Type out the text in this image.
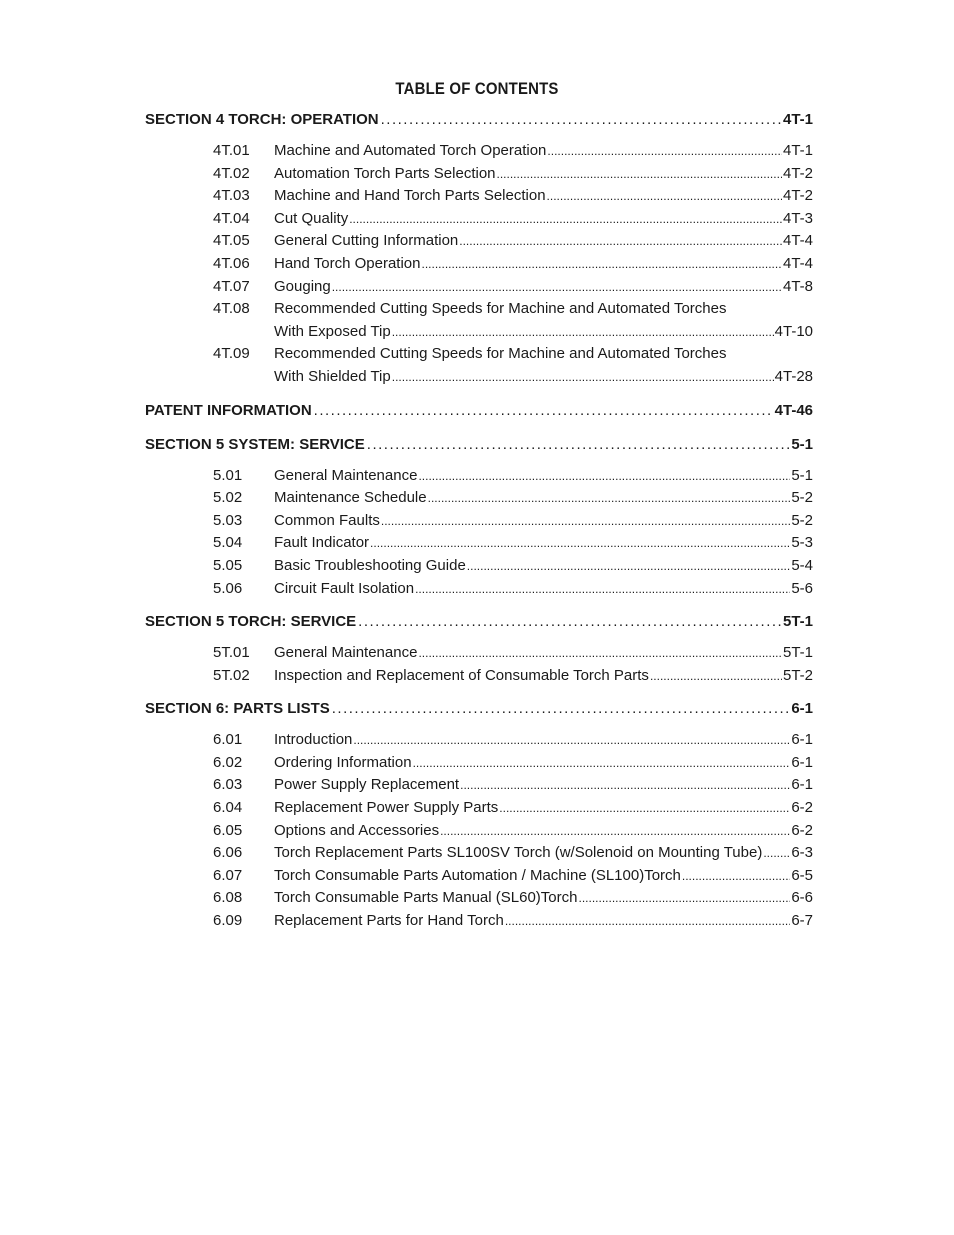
TABLE OF CONTENTS
SECTION 4 TORCH: OPERATION .....	4T-1
4T.01	Machine and Automated Torch Operation .....	4T-1
4T.02	Automation Torch Parts Selection .....	4T-2
4T.03	Machine and Hand Torch Parts Selection .....	4T-2
4T.04	Cut Quality .....	4T-3
4T.05	General Cutting Information .....	4T-4
4T.06	Hand Torch Operation .....	4T-4
4T.07	Gouging .....	4T-8
4T.08	Recommended Cutting Speeds for Machine and Automated Torches
With Exposed Tip .....	4T-10
4T.09	Recommended Cutting Speeds for Machine and Automated Torches
With Shielded Tip .....	4T-28
PATENT INFORMATION .....	4T-46
SECTION 5 SYSTEM: SERVICE .....	5-1
5.01	General Maintenance .....	5-1
5.02	Maintenance Schedule .....	5-2
5.03	Common Faults .....	5-2
5.04	Fault Indicator .....	5-3
5.05	Basic Troubleshooting Guide .....	5-4
5.06	Circuit Fault Isolation .....	5-6
SECTION 5 TORCH: SERVICE .....	5T-1
5T.01	General Maintenance .....	5T-1
5T.02	Inspection and Replacement of Consumable Torch Parts .....	5T-2
SECTION 6: PARTS LISTS .....	6-1
6.01	Introduction .....	6-1
6.02	Ordering Information .....	6-1
6.03	Power Supply Replacement .....	6-1
6.04	Replacement Power Supply Parts .....	6-2
6.05	Options and Accessories .....	6-2
6.06	Torch Replacement Parts SL100SV Torch (w/Solenoid on Mounting Tube) ..... 6-3
6.07	Torch Consumable Parts Automation / Machine (SL100)Torch .....	6-5
6.08	Torch Consumable Parts Manual (SL60)Torch .....	6-6
6.09	Replacement Parts for Hand Torch .....	6-7
